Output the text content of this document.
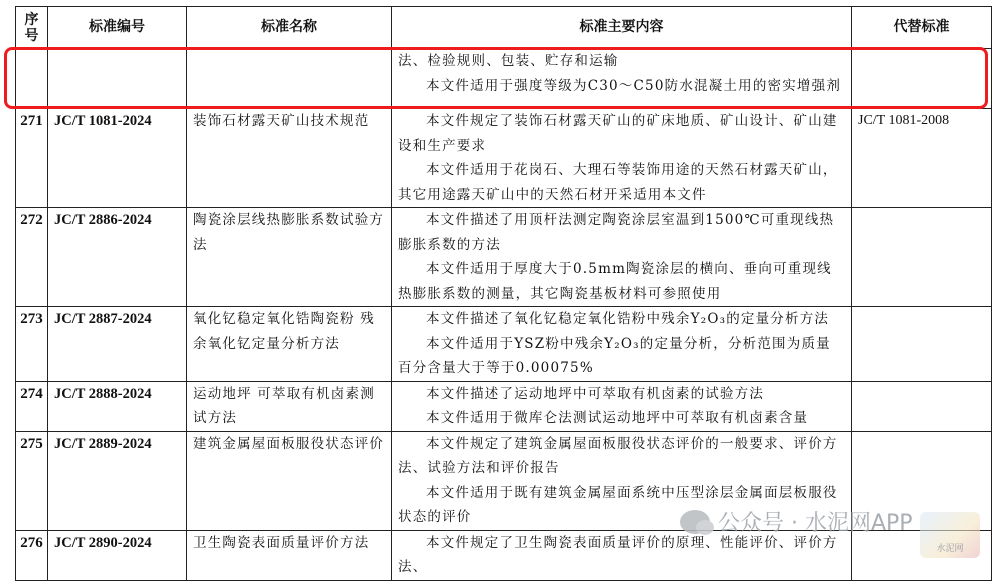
序号	标准编号	标准名称	标准主要内容	代替标准

			法、检验规则、包装、贮存和运输
本文件适用于强度等级为C30～C50防水混凝土用的密实增强剂	

271	JC/T 1081-2024	装饰石材露天矿山技术规范	本文件规定了装饰石材露天矿山的矿床地质、矿山设计、矿山建设和生产要求
本文件适用于花岗石、大理石等装饰用途的天然石材露天矿山，其它用途露天矿山中的天然石材开采适用本文件	JC/T 1081-2008
272	JC/T 2886-2024	陶瓷涂层线热膨胀系数试验方法	本文件描述了用顶杆法测定陶瓷涂层室温到1500℃可重现线热膨胀系数的方法
本文件适用于厚度大于0.5mm陶瓷涂层的横向、垂向可重现线热膨胀系数的测量，其它陶瓷基板材料可参照使用	

273	JC/T 2887-2024	氧化钇稳定氧化锆陶瓷粉 残余氧化钇定量分析方法	本文件描述了氧化钇稳定氧化锆粉中残余Y₂O₃的定量分析方法
本文件适用于YSZ粉中残余Y₂O₃的定量分析，分析范围为质量百分含量大于等于0.00075%	

274	JC/T 2888-2024	运动地坪 可萃取有机卤素测试方法	本文件描述了运动地坪中可萃取有机卤素的试验方法
本文件适用于微库仑法测试运动地坪中可萃取有机卤素含量	

275	JC/T 2889-2024	建筑金属屋面板服役状态评价	本文件规定了建筑金属屋面板服役状态评价的一般要求、评价方法、试验方法和评价报告
本文件适用于既有建筑金属屋面系统中压型涂层金属面层板服役状态的评价	

276	JC/T 2890-2024	卫生陶瓷表面质量评价方法	本文件规定了卫生陶瓷表面质量评价的原理、性能评价、评价方法、	

公众号 · 水泥网APP
水泥网
